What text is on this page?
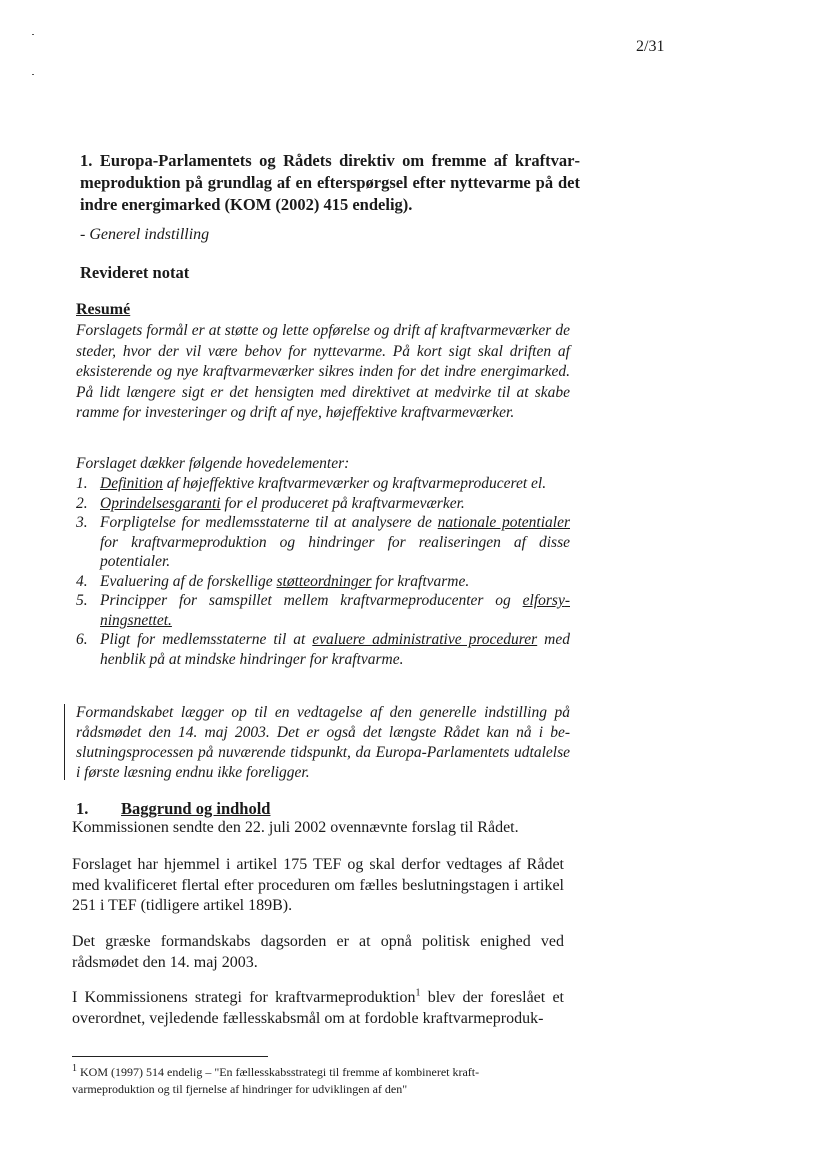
2/31
1. Europa-Parlamentets og Rådets direktiv om fremme af kraftvarmeproduktion på grundlag af en efterspørgsel efter nyttevarme på det indre energimarked (KOM (2002) 415 endelig).
- Generel indstilling
Revideret notat
Resumé
Forslagets formål er at støtte og lette opførelse og drift af kraftvarmeværker de steder, hvor der vil være behov for nyttevarme. På kort sigt skal driften af eksisterende og nye kraftvarmeværker sikres inden for det indre energimarked. På lidt længere sigt er det hensigten med direktivet at medvirke til at skabe ramme for investeringer og drift af nye, højeffektive kraftvarmeværker.
Forslaget dækker følgende hovedelementer:
1. Definition af højeffektive kraftvarmeværker og kraftvarmeproduceret el.
2. Oprindelsesgaranti for el produceret på kraftvarmeværker.
3. Forpligtelse for medlemsstaterne til at analysere de nationale potentialer for kraftvarmeproduktion og hindringer for realiseringen af disse potentialer.
4. Evaluering af de forskellige støtteordninger for kraftvarme.
5. Principper for samspillet mellem kraftvarmeproducenter og elforsyningsnettet.
6. Pligt for medlemsstaterne til at evaluere administrative procedurer med henblik på at mindske hindringer for kraftvarme.
Formandskabet lægger op til en vedtagelse af den generelle indstilling på rådsmødet den 14. maj 2003. Det er også det længste Rådet kan nå i beslutningsprocessen på nuværende tidspunkt, da Europa-Parlamentets udtalelse i første læsning endnu ikke foreligger.
1. Baggrund og indhold
Kommissionen sendte den 22. juli 2002 ovennævnte forslag til Rådet.
Forslaget har hjemmel i artikel 175 TEF og skal derfor vedtages af Rådet med kvalificeret flertal efter proceduren om fælles beslutningstagen i artikel 251 i TEF (tidligere artikel 189B).
Det græske formandskabs dagsorden er at opnå politisk enighed ved rådsmødet den 14. maj 2003.
I Kommissionens strategi for kraftvarmeproduktion$^1$ blev der foreslået et overordnet, vejledende fællesskabsmål om at fordoble kraftvarmeproduk-
$^1$ KOM (1997) 514 endelig – "En fællesskabsstrategi til fremme af kombineret kraftvarmeproduktion og til fjernelse af hindringer for udviklingen af den"
